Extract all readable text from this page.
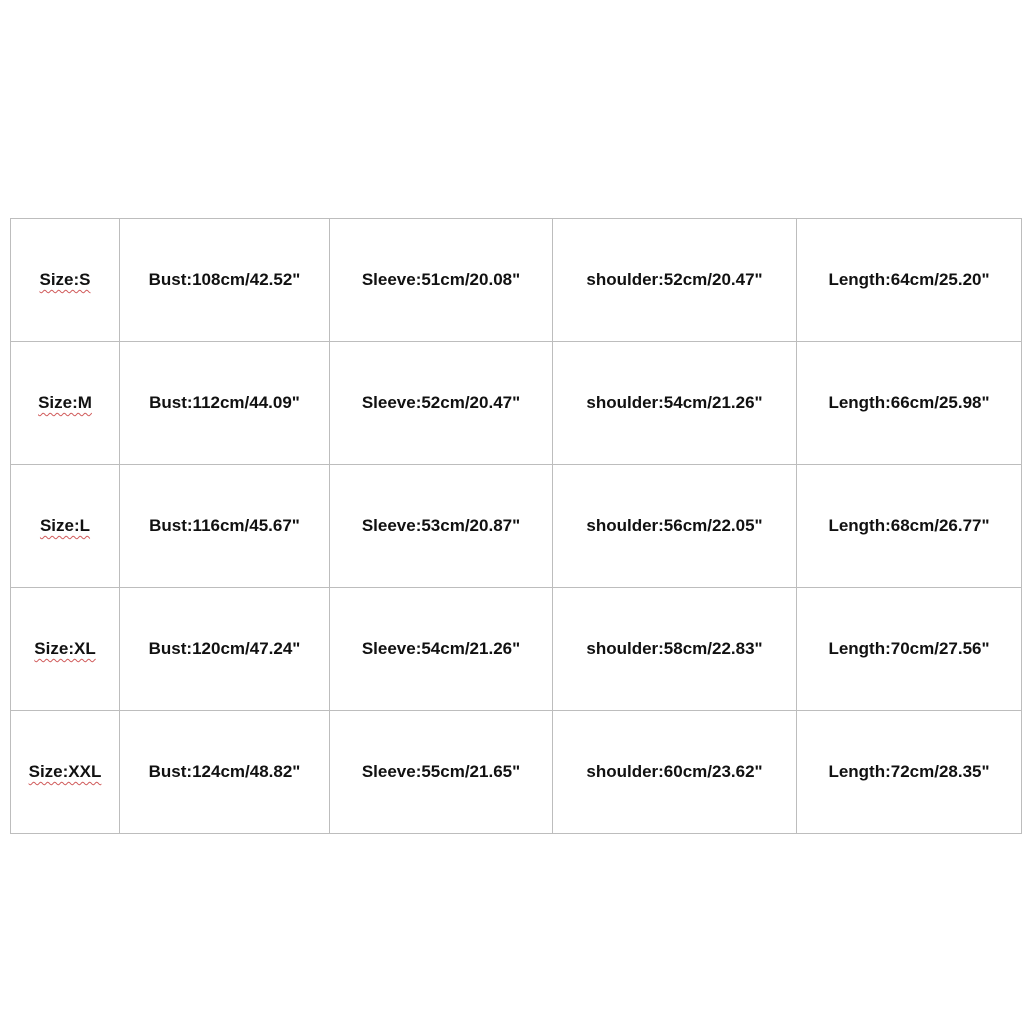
Size:S	Bust:108cm/42.52"	Sleeve:51cm/20.08"	shoulder:52cm/20.47"	Length:64cm/25.20"
Size:M	Bust:112cm/44.09"	Sleeve:52cm/20.47"	shoulder:54cm/21.26"	Length:66cm/25.98"
Size:L	Bust:116cm/45.67"	Sleeve:53cm/20.87"	shoulder:56cm/22.05"	Length:68cm/26.77"
Size:XL	Bust:120cm/47.24"	Sleeve:54cm/21.26"	shoulder:58cm/22.83"	Length:70cm/27.56"
Size:XXL	Bust:124cm/48.82"	Sleeve:55cm/21.65"	shoulder:60cm/23.62"	Length:72cm/28.35"
